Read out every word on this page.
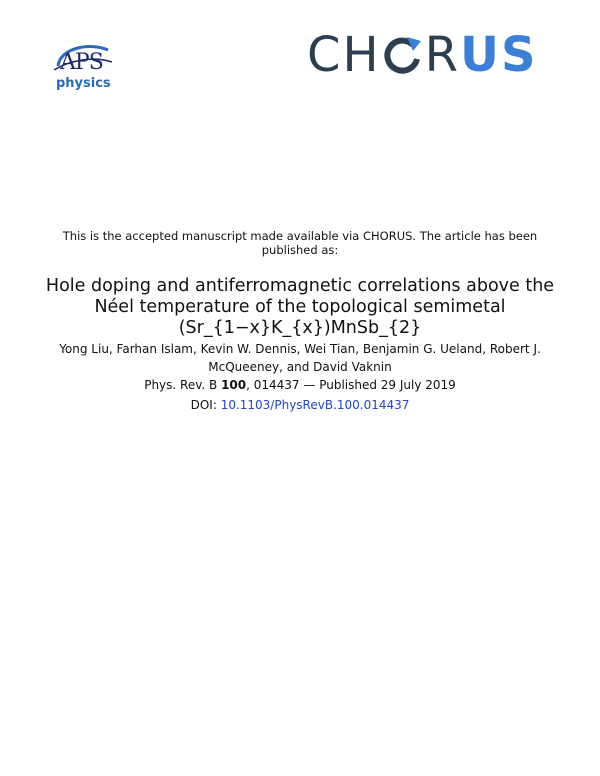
APS
physics
CH R US
This is the accepted manuscript made available via CHORUS. The article has been published as:
Hole doping and antiferromagnetic correlations above the Néel temperature of the topological semimetal (Sr_{1−x}K_{x})MnSb_{2}
Yong Liu, Farhan Islam, Kevin W. Dennis, Wei Tian, Benjamin G. Ueland, Robert J. McQueeney, and David Vaknin
Phys. Rev. B 100, 014437 — Published 29 July 2019
DOI: 10.1103/PhysRevB.100.014437
